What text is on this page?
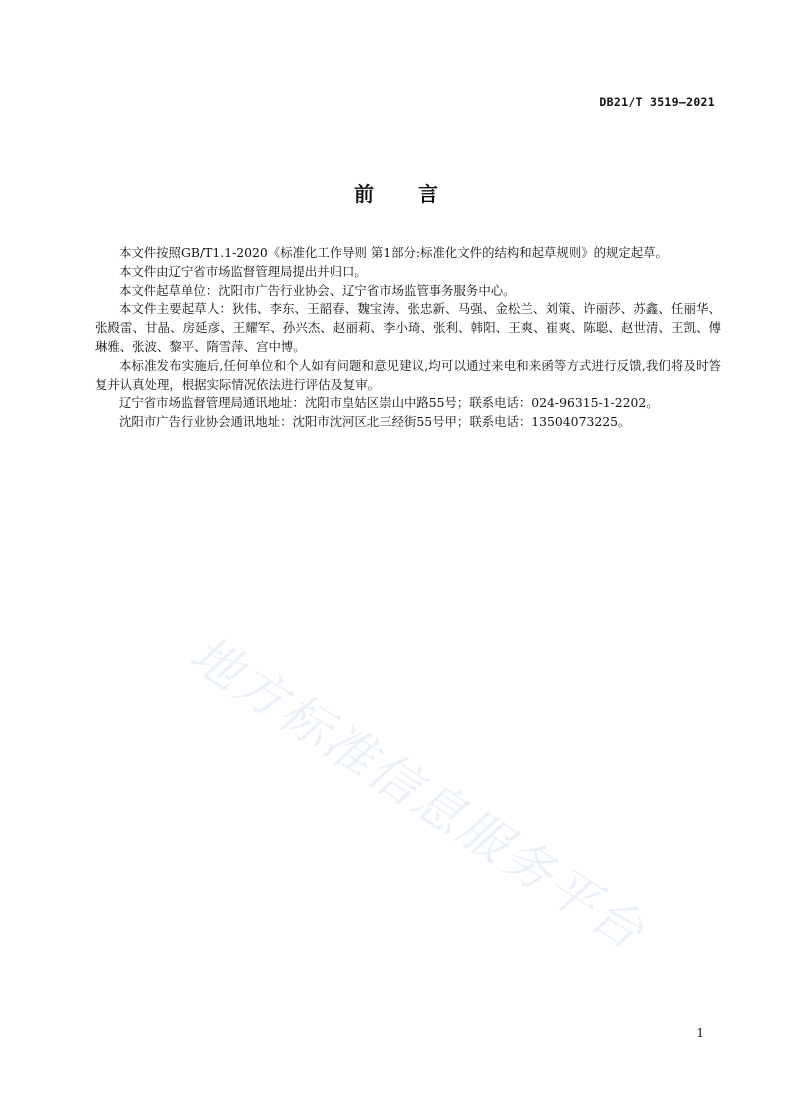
DB21/T 3519—2021
前言

本文件按照GB/T1.1-2020《标准化工作导则 第1部分:标准化文件的结构和起草规则》的规定起草。

本文件由辽宁省市场监督管理局提出并归口。

本文件起草单位：沈阳市广告行业协会、辽宁省市场监管事务服务中心。

本文件主要起草人：狄伟、李东、王韶春、魏宝涛、张忠新、马强、金松兰、刘策、许丽莎、苏鑫、任丽华、张殿雷、甘晶、房延彦、王耀军、孙兴杰、赵丽莉、李小琦、张利、韩阳、王爽、崔爽、陈聪、赵世清、王凯、傅琳雅、张波、黎平、隋雪萍、宫中博。

本标准发布实施后,任何单位和个人如有问题和意见建议,均可以通过来电和来函等方式进行反馈,我们将及时答复并认真处理，根据实际情况依法进行评估及复审。

辽宁省市场监督管理局通讯地址：沈阳市皇姑区崇山中路55号；联系电话：024-96315-1-2202。

沈阳市广告行业协会通讯地址：沈阳市沈河区北三经街55号甲；联系电话：13504073225。

地方标准信息服务平台
1
